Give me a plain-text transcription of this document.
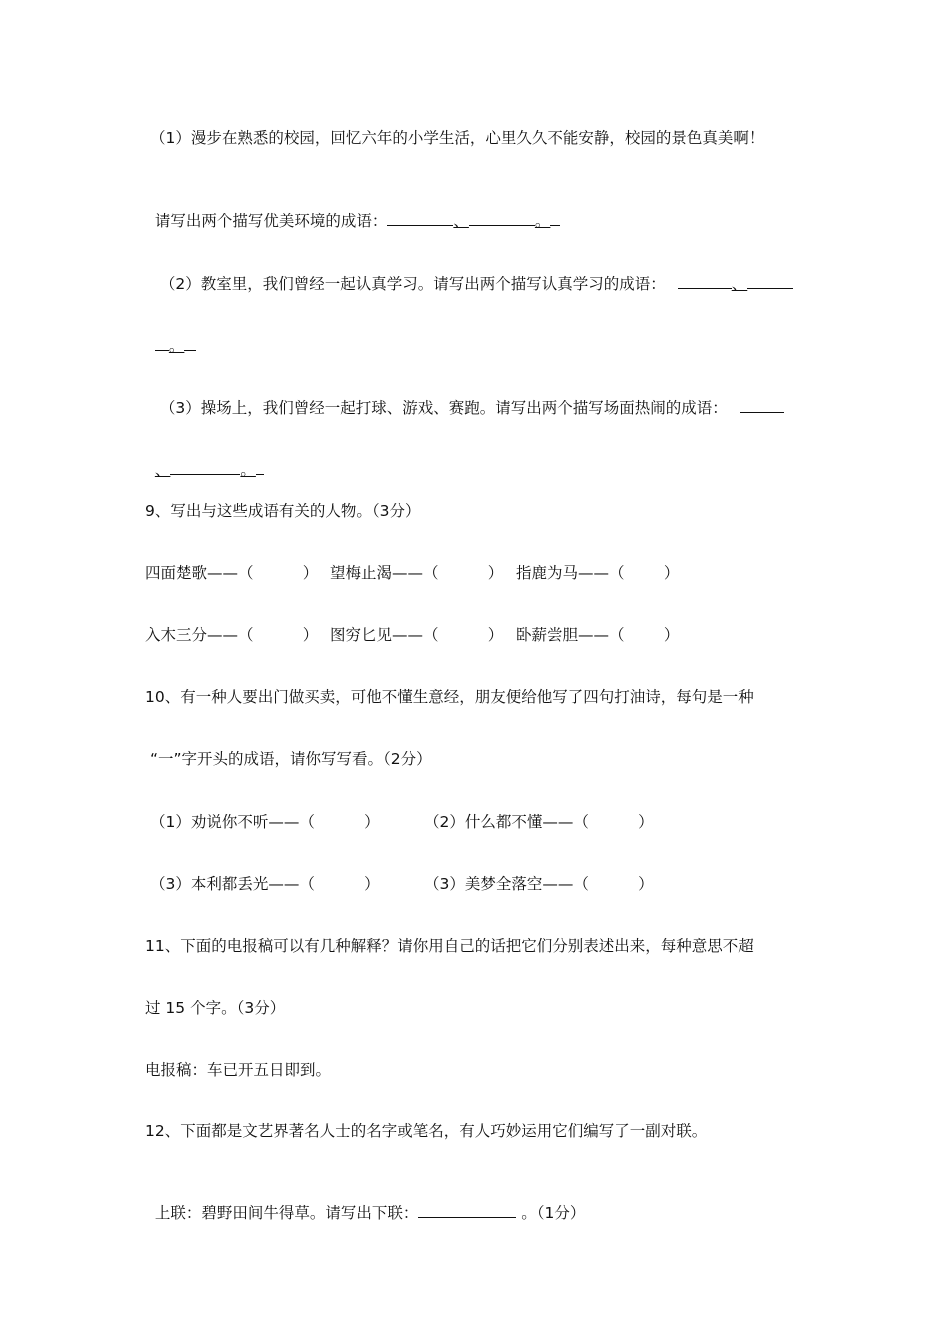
（1）漫步在熟悉的校园，回忆六年的小学生活，心里久久不能安静，校园的景色真美啊！

请写出两个描写优美环境的成语：	、	。

（2）教室里，我们曾经一起认真学习。请写出两个描写认真学习的成语：	、

。

（3）操场上，我们曾经一起打球、游戏、赛跑。请写出两个描写场面热闹的成语：

、	。

9、写出与这些成语有关的人物。（3分）
四面楚歌——（          ） 望梅止渴——（          ） 指鹿为马——（        ）
入木三分——（          ） 图穷匕见——（          ） 卧薪尝胆——（        ）
10、有一种人要出门做买卖，可他不懂生意经，朋友便给他写了四句打油诗，每句是一种
“一”字开头的成语，请你写写看。（2分）
（1）劝说你不听——（          ）	（2）什么都不懂——（          ）
（3）本利都丢光——（          ）	（3）美梦全落空——（          ）
11、下面的电报稿可以有几种解释？请你用自己的话把它们分别表述出来，每种意思不超
过 15 个字。（3分）
电报稿：车已开五日即到。
12、下面都是文艺界著名人士的名字或笔名，有人巧妙运用它们编写了一副对联。

上联：碧野田间牛得草。请写出下联：	。（1分）
